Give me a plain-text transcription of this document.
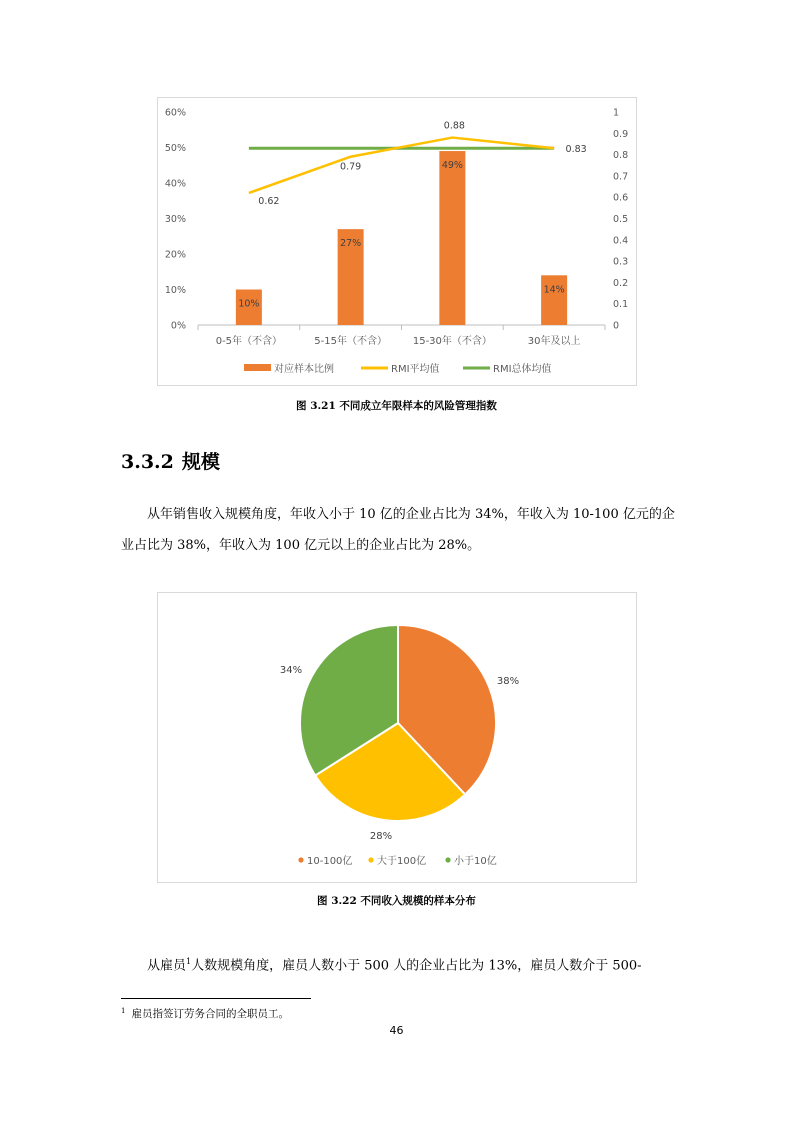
0%
10%
20%
30%
40%
50%
60%
0
0.1
0.2
0.3
0.4
0.5
0.6
0.7
0.8
0.9
1
0-5年（不含）	5-15年（不含）	15-30年（不含）	30年及以上
10%
27%
49%
14%
0.62
0.79
0.88
0.83
对应样本比例	RMI平均值	RMI总体均值
图 3.21 不同成立年限样本的风险管理指数
3.3.2 规模

从年销售收入规模角度，年收入小于 10 亿的企业占比为 34%，年收入为 10-100 亿元的企业占比为 38%，年收入为 100 亿元以上的企业占比为 28%。

38%
28%
34%
10-100亿 大于100亿	小于10亿
图 3.22 不同收入规模的样本分布

从雇员$^1$人数规模角度，雇员人数小于 500 人的企业占比为 13%，雇员人数介于 500-

$^1$ 雇员指签订劳务合同的全职员工。
46
